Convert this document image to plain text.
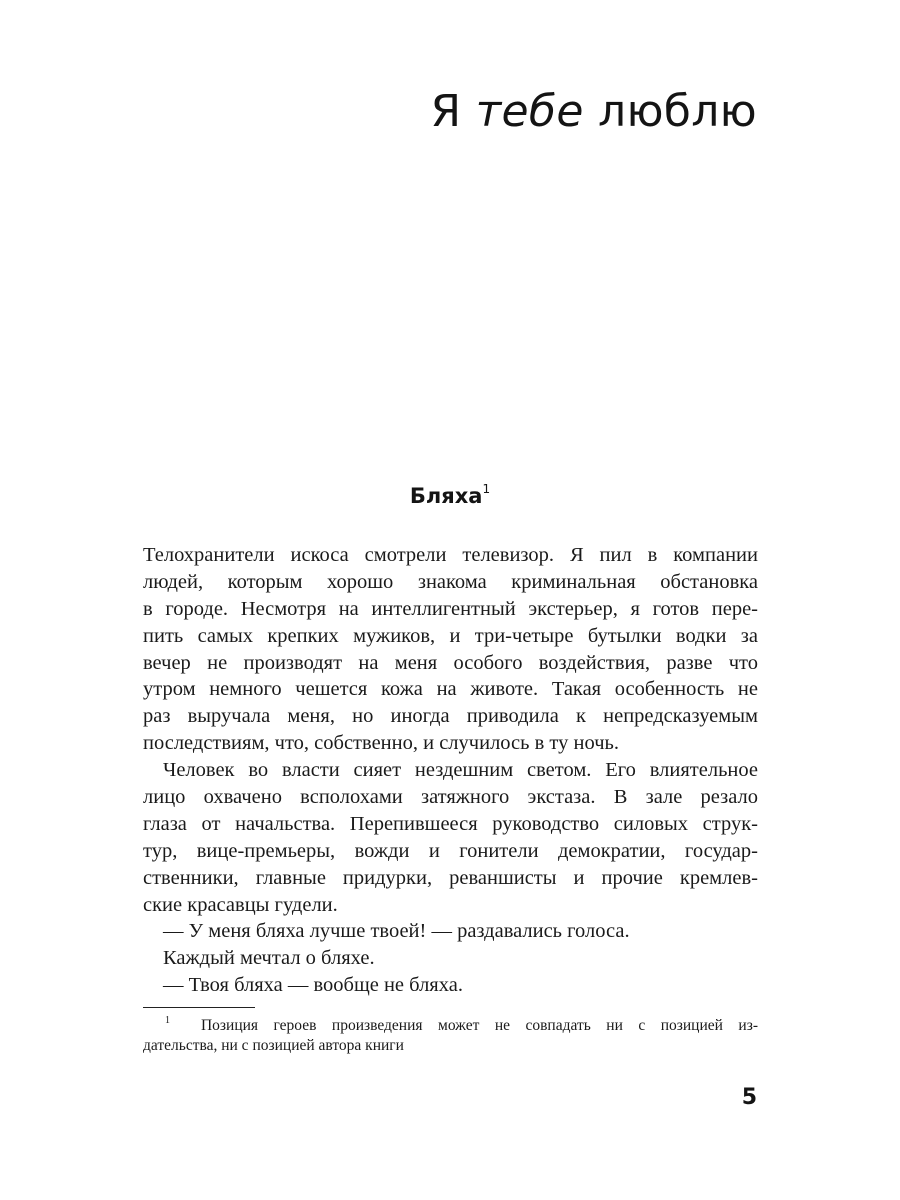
Я тебе люблю
Бляха$^1$
Телохранители искоса смотрели телевизор. Я пил в компании
людей, которым хорошо знакома криминальная обстановка
в городе. Несмотря на интеллигентный экстерьер, я готов пере-
пить самых крепких мужиков, и три-четыре бутылки водки за
вечер не производят на меня особого воздействия, разве что
утром немного чешется кожа на животе. Такая особенность не
раз выручала меня, но иногда приводила к непредсказуемым
последствиям, что, собственно, и случилось в ту ночь.
Человек во власти сияет нездешним светом. Его влиятельное
лицо охвачено всполохами затяжного экстаза. В зале резало
глаза от начальства. Перепившееся руководство силовых струк-
тур, вице-премьеры, вожди и гонители демократии, государ-
ственники, главные придурки, реваншисты и прочие кремлев-
ские красавцы гудели.
— У меня бляха лучше твоей! — раздавались голоса.
Каждый мечтал о бляхе.
— Твоя бляха — вообще не бляха.
$^1$ Позиция героев произведения может не совпадать ни с позицией из-
дательства, ни с позицией автора книги
5
